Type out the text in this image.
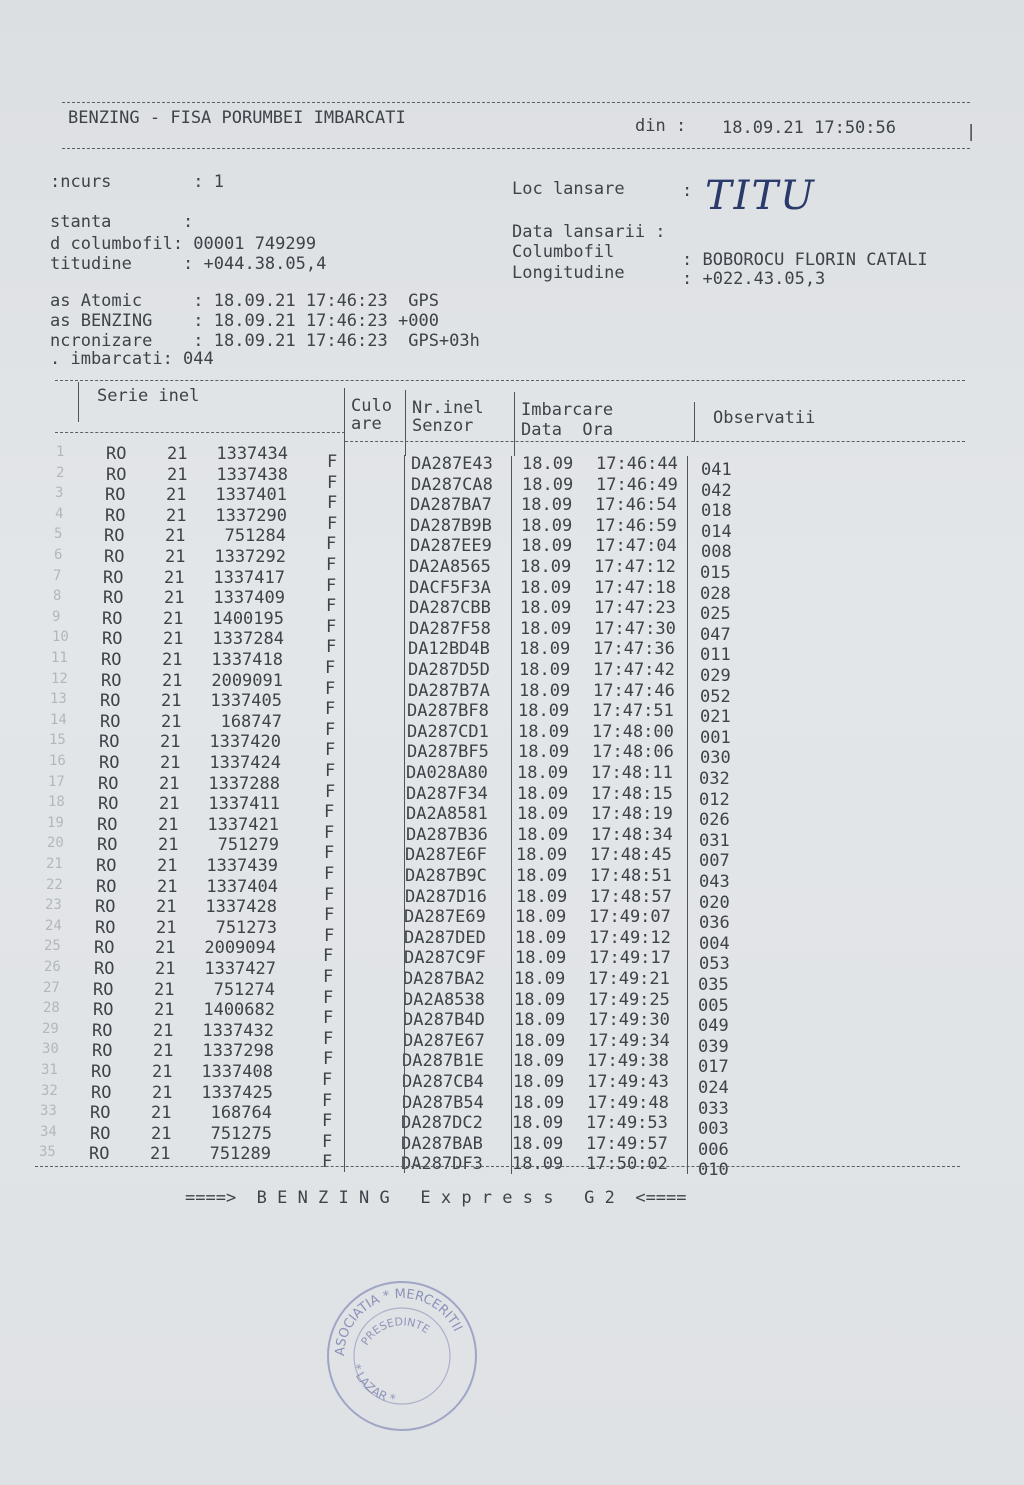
BENZING - FISA PORUMBEI IMBARCATI	din : 18.09.21 17:50:56	|
:ncurs        : 1
stanta       :
d columbofil: 00001 749299
titudine     : +044.38.05,4
Loc lansare	: TITU
Data lansarii :
Columbofil	: BOBOROCU FLORIN CATALI
Longitudine	: +022.43.05,3
as Atomic     : 18.09.21 17:46:23  GPS
as BENZING    : 18.09.21 17:46:23 +000
ncronizare    : 18.09.21 17:46:23  GPS+03h
. imbarcati: 044
Serie inel	Culo
are
Nr.inel
Senzor
Imbarcare
Data  Ora
Observatii
1 RO 21 1337434 F	DA287E43 18.09 17:46:44 041
2 RO 21 1337438 F	DA287CA8 18.09 17:46:49 042
3 RO 21 1337401 F	DA287BA7 18.09 17:46:54 018
4 RO 21 1337290 F	DA287B9B 18.09 17:46:59 014
5 RO 21 751284 F	DA287EE9 18.09 17:47:04 008
6 RO 21 1337292 F	DA2A8565 18.09 17:47:12 015
7 RO 21 1337417 F	DACF5F3A 18.09 17:47:18 028
8 RO 21 1337409 F	DA287CBB 18.09 17:47:23 025
9 RO 21 1400195 F	DA287F58 18.09 17:47:30 047
10 RO 21 1337284 F	DA12BD4B 18.09 17:47:36 011
11 RO 21 1337418 F	DA287D5D 18.09 17:47:42 029
12 RO 21 2009091 F	DA287B7A 18.09 17:47:46 052
13 RO 21 1337405	F	DA287BF8 18.09 17:47:51 021
14 RO 21 168747	F	DA287CD1 18.09 17:48:00 001
15 RO 21 1337420	F	DA287BF5 18.09 17:48:06 030
16 RO 21 1337424	F	DA028A80 18.09 17:48:11 032
17 RO 21 1337288	F	DA287F34 18.09 17:48:15 012
18 RO 21 1337411	F	DA2A8581 18.09 17:48:19 026
19 RO 21 1337421	F	DA287B36 18.09 17:48:34 031
20 RO 21 751279	F	DA287E6F 18.09 17:48:45 007
21 RO 21 1337439	F	DA287B9C 18.09 17:48:51 043
22 RO 21 1337404	F	DA287D16 18.09 17:48:57 020
23 RO 21 1337428	F	DA287E69 18.09 17:49:07 036
24 RO 21 751273	F	DA287DED 18.09 17:49:12 004
25 RO 21 2009094	F	DA287C9F 18.09 17:49:17 053
26 RO 21 1337427	F	DA287BA2 18.09 17:49:21 035
27 RO 21 751274	F	DA2A8538 18.09 17:49:25 005
28 RO 21 1400682	F	DA287B4D 18.09 17:49:30 049
29 RO 21 1337432	F	DA287E67 18.09 17:49:34 039
30 RO 21 1337298	F	DA287B1E 18.09 17:49:38 017
31 RO 21 1337408	F	DA287CB4 18.09 17:49:43 024
32 RO 21 1337425	F	DA287B54 18.09 17:49:48 033
33 RO 21 168764	F	DA287DC2 18.09 17:49:53 003
34 RO 21 751275	F	DA287BAB 18.09 17:49:57 006
35 RO 21 751289	F	DA287DF3 18.09 17:50:02 010
====>  B E N Z I N G   E x p r e s s   G 2  <====
ASOCIATIA * MERCERITII
PRESEDINTE
* LAZAR *
